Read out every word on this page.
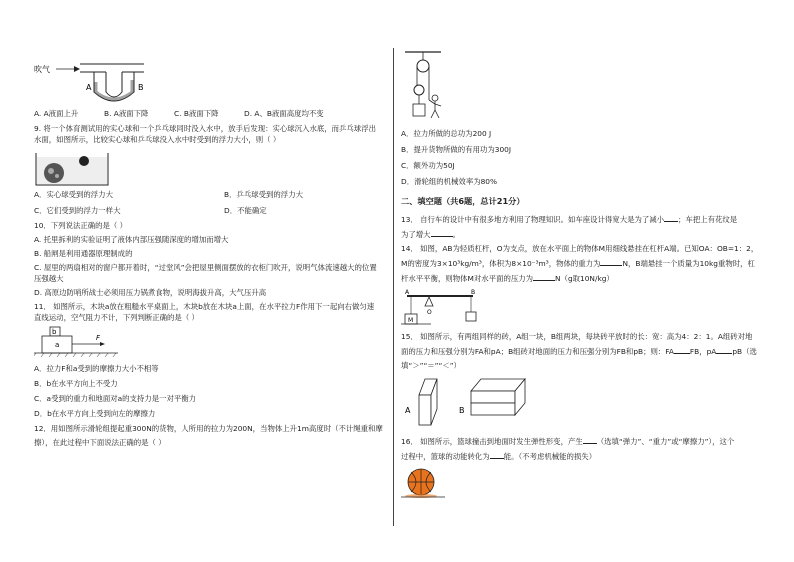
吹气
A	B
A. A液面上升	B. A液面下降	C. B液面下降	D. A、B液面高度均不变

9. 将一个体育测试用的实心球和一个乒乓球同时没入水中，放手后发现：实心球沉入水底，而乒乓球浮出

水面，如图所示，比较实心球和乒乓球没入水中时受到的浮力大小，则（ ）

A．实心球受到的浮力大	B．乒乓球受到的浮力大
C．它们受到的浮力一样大	D．不能确定

10．下列说法正确的是（ ）

A. 托里拆利的实验证明了液体内部压强随深度的增加而增大

B. 船闸是利用通器原理制成的

C. 屋里的两扇相对的窗户都开着时，“过堂风”会把屋里侧面摆放的衣柜门吹开，说明气体流速越大的位置

压强越大

D. 高原边防哨所战士必须用压力锅煮食物，说明海拔升高，大气压升高

11． 如图所示，木块a放在粗糙水平桌面上，木块b放在木块a上面，在水平拉力F作用下一起向右做匀速

直线运动，空气阻力不计，下列判断正确的是（ ）

b
a
F

A．拉力F和a受到的摩擦力大小不相等

B．b在水平方向上不受力

C．a受到的重力和地面对a的支持力是一对平衡力

D．b在水平方向上受到向左的摩擦力

12．用如图所示滑轮组提起重300N的货物，人所用的拉力为200N，当物体上升1m高度时（不计绳重和摩

擦），在此过程中下面说法正确的是（ ）

A．拉力所做的总功为200 J

B．提升货物所做的有用功为300J

C．额外功为50J

D．滑轮组的机械效率为80%

二、填空题（共6题，总计21分）

13． 自行车的设计中有很多地方利用了物理知识。如车座设计得宽大是为了减小 ；车把上有花纹是

为了增大	。

14． 如图，AB为轻质杠杆，O为支点，放在水平面上的物体M用细线悬挂在杠杆A端。已知OA：OB=1：2，

M的密度为3×10³kg/m³，体积为8×10⁻³m³，物体的重力为	N，B端悬挂一个质量为10kg重物时，杠

杆水平平衡，则物体M对水平面的压力为	N（g取10N/kg）

A	B
O
M

15． 如图所示，有两组同样的砖，A组一块，B组两块，每块砖平放时的长：宽：高为4：2：1。A组砖对地

面的压力和压强分别为FA和pA；B组砖对地面的压力和压强分别为FB和pB；则：FA FB，pA pB（选

填“＞”“＝”“＜”）

A	B

16． 如图所示，篮球撞击到地面时发生弹性形变，产生 （选填“弹力”、“重力”或“摩擦力”），这个

过程中，篮球的动能转化为 能。（不考虑机械能的损失）
